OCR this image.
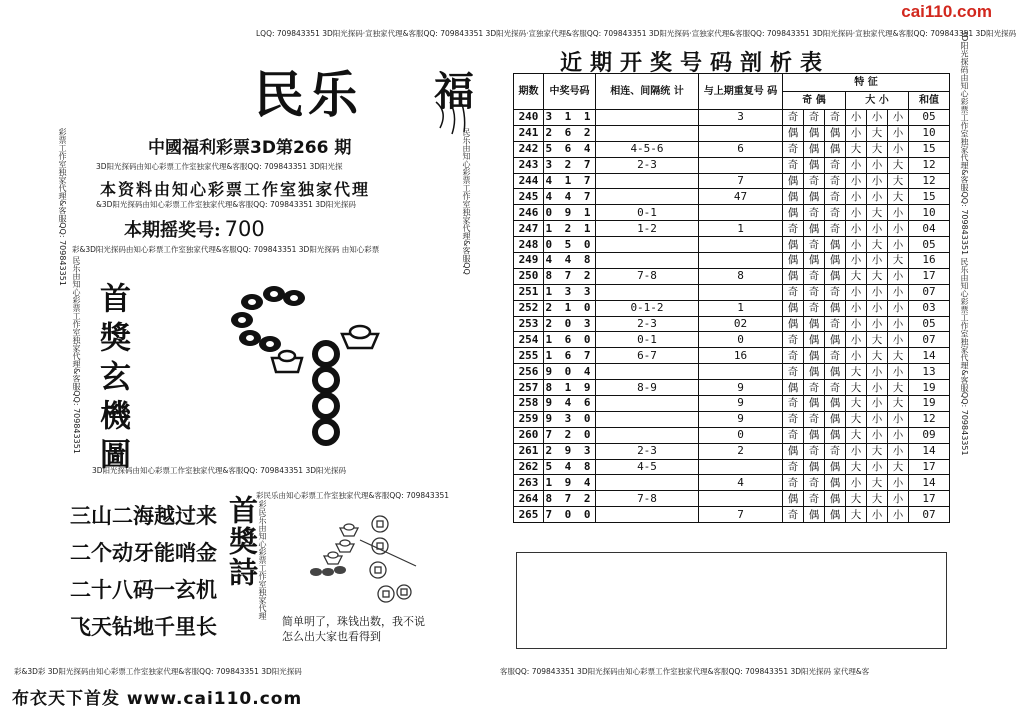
cai110.com
布衣天下首发 www.cai110.com
LQQ: 709843351 3D阳光探码·宣独家代理&客服QQ: 709843351 3D阳光探码·宣独家代理&客服QQ: 709843351 3D阳光探码·宣独家代理&客服QQ: 709843351 3D阳光探码·宣独家代理&客服QQ: 709843351 3D阳光探码
3D阳光探码由知心彩票工作室独家代理&客服QQ: 709843351 3D阳光探
&3D阳光探码由知心彩票工作室独家代理&客服QQ: 709843351 3D阳光探码
彩&3D阳光探码由知心彩票工作室独家代理&客服QQ: 709843351 3D阳光探码 由知心彩票
3D阳光探码由知心彩票工作室独家代理&客服QQ: 709843351 3D阳光探码
彩民乐由知心彩票工作室独家代理&客服QQ: 709843351
彩&3D彩 3D阳光探码由知心彩票工作室独家代理&客服QQ: 709843351 3D阳光探码	客服QQ: 709843351 3D阳光探码由知心彩票工作室独家代理&客服QQ: 709843351 3D阳光探码 家代理&客
彩票工作室独家代理&客服QQ: 709843351
民乐由知心彩票工作室独家代理&客服QQ: 709843351
民乐由知心彩票工作室独家代理&客服QQ
彩民乐由知心彩票工作室独家代理
3D阳光探码由知心彩票工作室独家代理&客服QQ: 709843351 民乐由知心彩票工作室独家代理&客服QQ: 709843351
民乐 福
中國福利彩票3D第266 期
本资料由知心彩票工作室独家代理
本期摇奖号: 700
首獎玄機圖
三山二海越过来
二个动牙能哨金
二十八码一玄机
飞天钻地千里长
首奬詩
简单明了，珠钱出数，我不说
怎么出大家也看得到
近期开奖号码剖析表
期数	中奖号码	相连、间隔统 计	与上期重复号 码	特 征						
				奇 偶			大 小			和值
240	3 1 1		3	奇	奇	奇	小	小	小	05
241	2 6 2			偶	偶	偶	小	大	小	10
242	5 6 4	4-5-6	6	奇	偶	偶	大	大	小	15
243	3 2 7	2-3		奇	偶	奇	小	小	大	12
244	4 1 7		7	偶	奇	奇	小	小	大	12
245	4 4 7		47	偶	偶	奇	小	小	大	15
246	0 9 1	0-1		偶	奇	奇	小	大	小	10
247	1 2 1	1-2	1	奇	偶	奇	小	小	小	04
248	0 5 0			偶	奇	偶	小	大	小	05
249	4 4 8			偶	偶	偶	小	小	大	16
250	8 7 2	7-8	8	偶	奇	偶	大	大	小	17
251	1 3 3			奇	奇	奇	小	小	小	07
252	2 1 0	0-1-2	1	偶	奇	偶	小	小	小	03
253	2 0 3	2-3	02	偶	偶	奇	小	小	小	05
254	1 6 0	0-1	0	奇	偶	偶	小	大	小	07
255	1 6 7	6-7	16	奇	偶	奇	小	大	大	14
256	9 0 4			奇	偶	偶	大	小	小	13
257	8 1 9	8-9	9	偶	奇	奇	大	小	大	19
258	9 4 6		9	奇	偶	偶	大	小	大	19
259	9 3 0		9	奇	奇	偶	大	小	小	12
260	7 2 0		0	奇	偶	偶	大	小	小	09
261	2 9 3	2-3	2	偶	奇	奇	小	大	小	14
262	5 4 8	4-5		奇	偶	偶	大	小	大	17
263	1 9 4		4	奇	奇	偶	小	大	小	14
264	8 7 2	7-8		偶	奇	偶	大	大	小	17
265	7 0 0		7	奇	偶	偶	大	小	小	07
